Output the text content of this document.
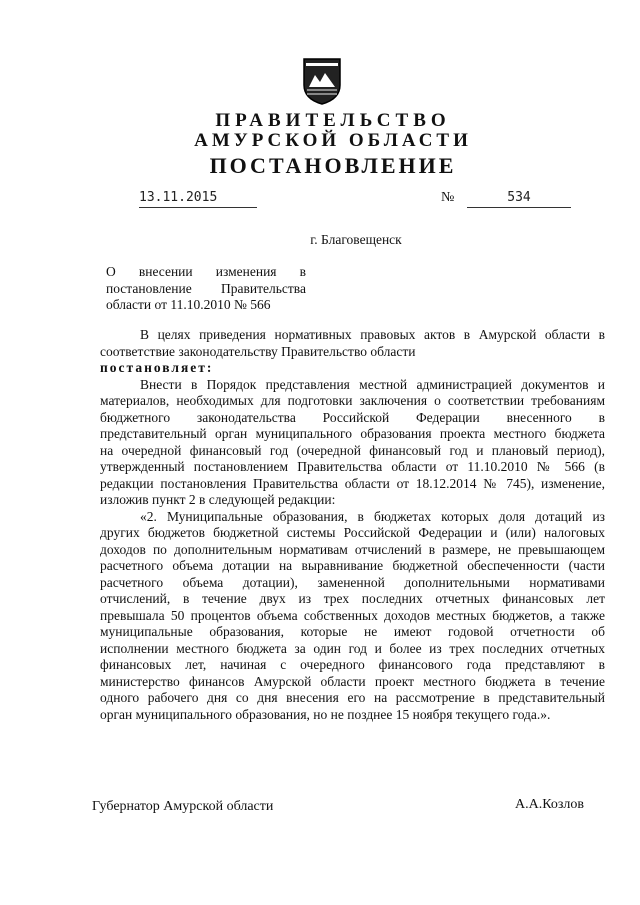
ПРАВИТЕЛЬСТВО
АМУРСКОЙ ОБЛАСТИ
ПОСТАНОВЛЕНИЕ
13.11.2015	№	534
г. Благовещенск
О внесении изменения в
постановление Правительства
области от 11.10.2010 № 566

В целях приведения нормативных правовых актов в Амурской области в

соответствие законодательству Правительство области

постановляет:

Внести в Порядок представления местной администрацией документов и

материалов, необходимых для подготовки заключения о соответствии требованиям

бюджетного законодательства Российской Федерации внесенного в

представительный орган муниципального образования проекта местного бюджета

на очередной финансовый год (очередной финансовый год и плановый период),

утвержденный постановлением Правительства области от 11.10.2010 № 566 (в

редакции постановления Правительства области от 18.12.2014 № 745), изменение,

изложив пункт 2 в следующей редакции:

«2. Муниципальные образования, в бюджетах которых доля дотаций из

других бюджетов бюджетной системы Российской Федерации и (или) налоговых

доходов по дополнительным нормативам отчислений в размере, не превышающем

расчетного объема дотации на выравнивание бюджетной обеспеченности (части

расчетного объема дотации), замененной дополнительными нормативами

отчислений, в течение двух из трех последних отчетных финансовых лет

превышала 50 процентов объема собственных доходов местных бюджетов, а также

муниципальные образования, которые не имеют годовой отчетности об

исполнении местного бюджета за один год и более из трех последних отчетных

финансовых лет, начиная с очередного финансового года представляют в

министерство финансов Амурской области проект местного бюджета в течение

одного рабочего дня со дня внесения его на рассмотрение в представительный

орган муниципального образования, но не позднее 15 ноября текущего года.».

Губернатор Амурской области	А.А.Козлов
